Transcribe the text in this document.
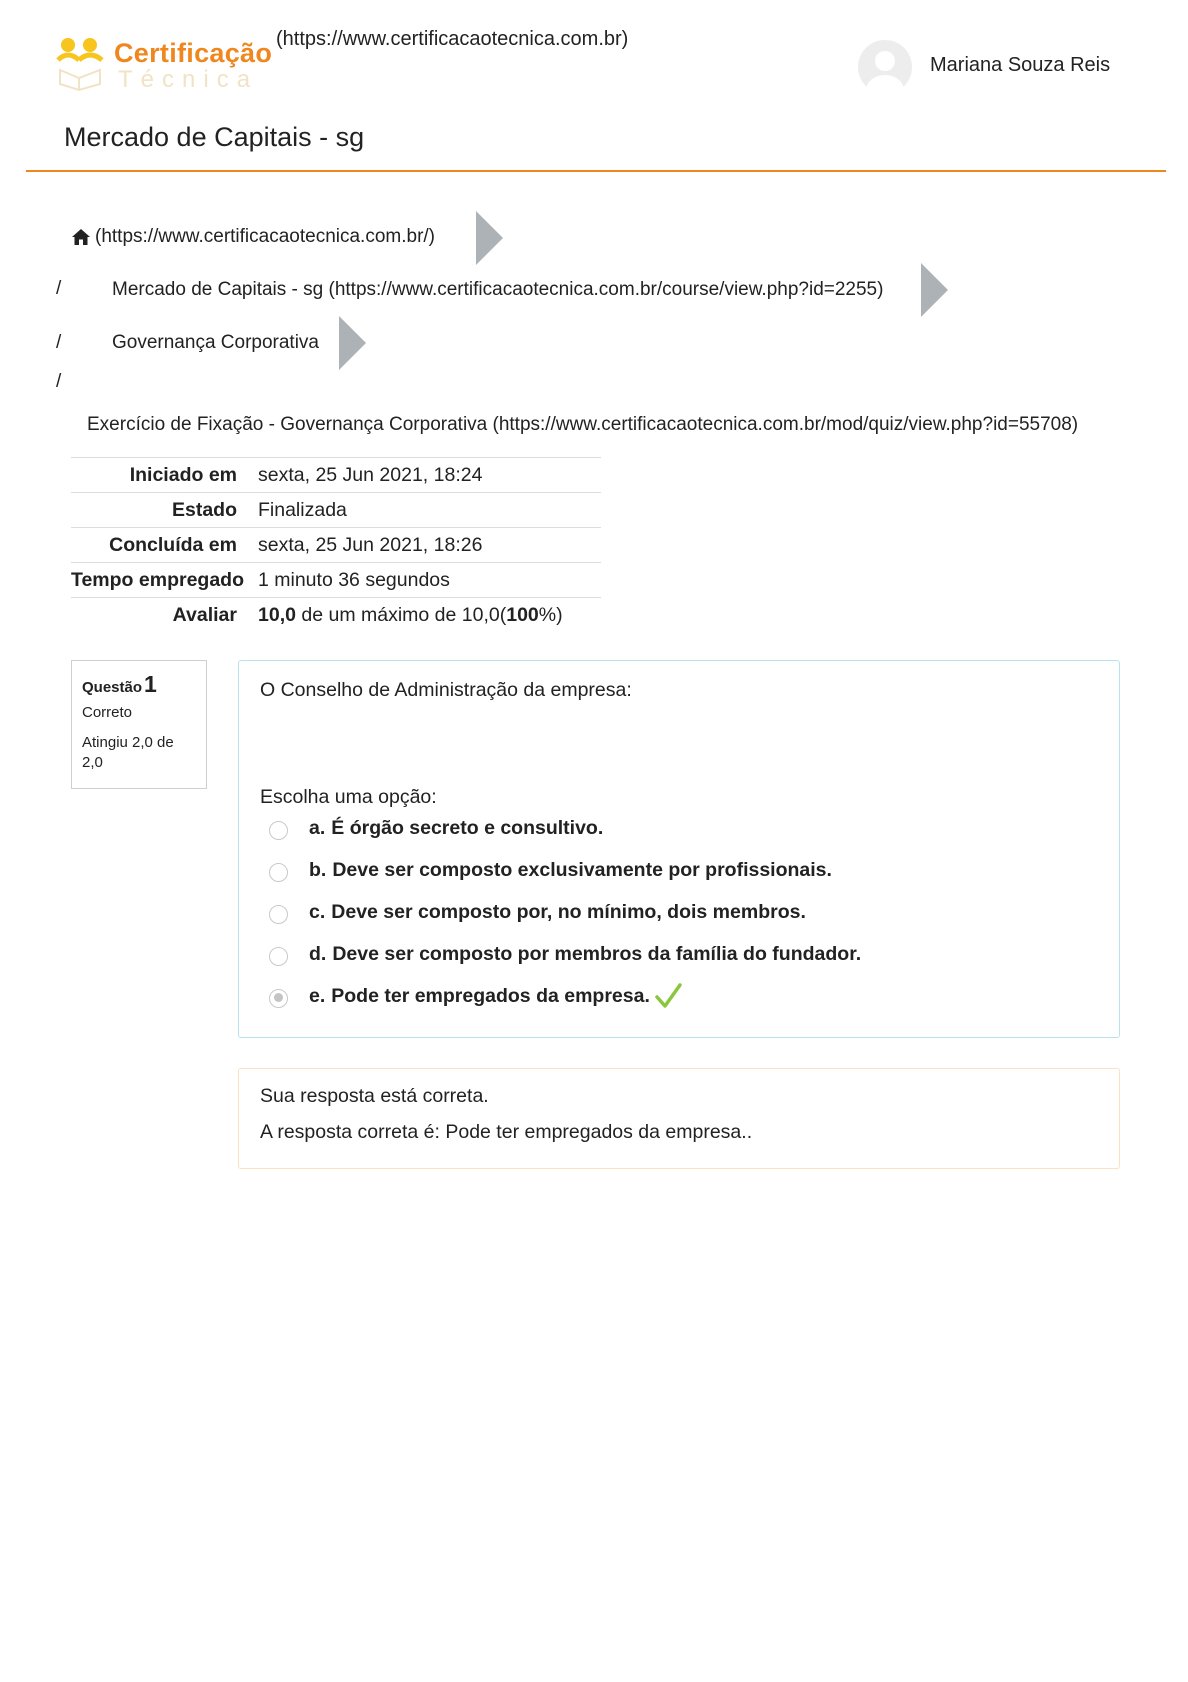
Certificação
Técnica
(https://www.certificacaotecnica.com.br)
Mariana Souza Reis
Mercado de Capitais - sg
(https://www.certificacaotecnica.com.br/)
/	Mercado de Capitais - sg (https://www.certificacaotecnica.com.br/course/view.php?id=2255)
/	Governança Corporativa
/
Exercício de Fixação - Governança Corporativa (https://www.certificacaotecnica.com.br/mod/quiz/view.php?id=55708)
Iniciado em	sexta, 25 Jun 2021, 18:24
Estado	Finalizada
Concluída em	sexta, 25 Jun 2021, 18:26
Tempo empregado 1 minuto 36 segundos
Avaliar	10,0 de um máximo de 10,0(100%)
Questão1
Correto
Atingiu 2,0 de 2,0
O Conselho de Administração da empresa:
Escolha uma opção:
a. É órgão secreto e consultivo.
b. Deve ser composto exclusivamente por profissionais.
c. Deve ser composto por, no mínimo, dois membros.
d. Deve ser composto por membros da família do fundador.
e. Pode ter empregados da empresa.
Sua resposta está correta.
A resposta correta é: Pode ter empregados da empresa..
